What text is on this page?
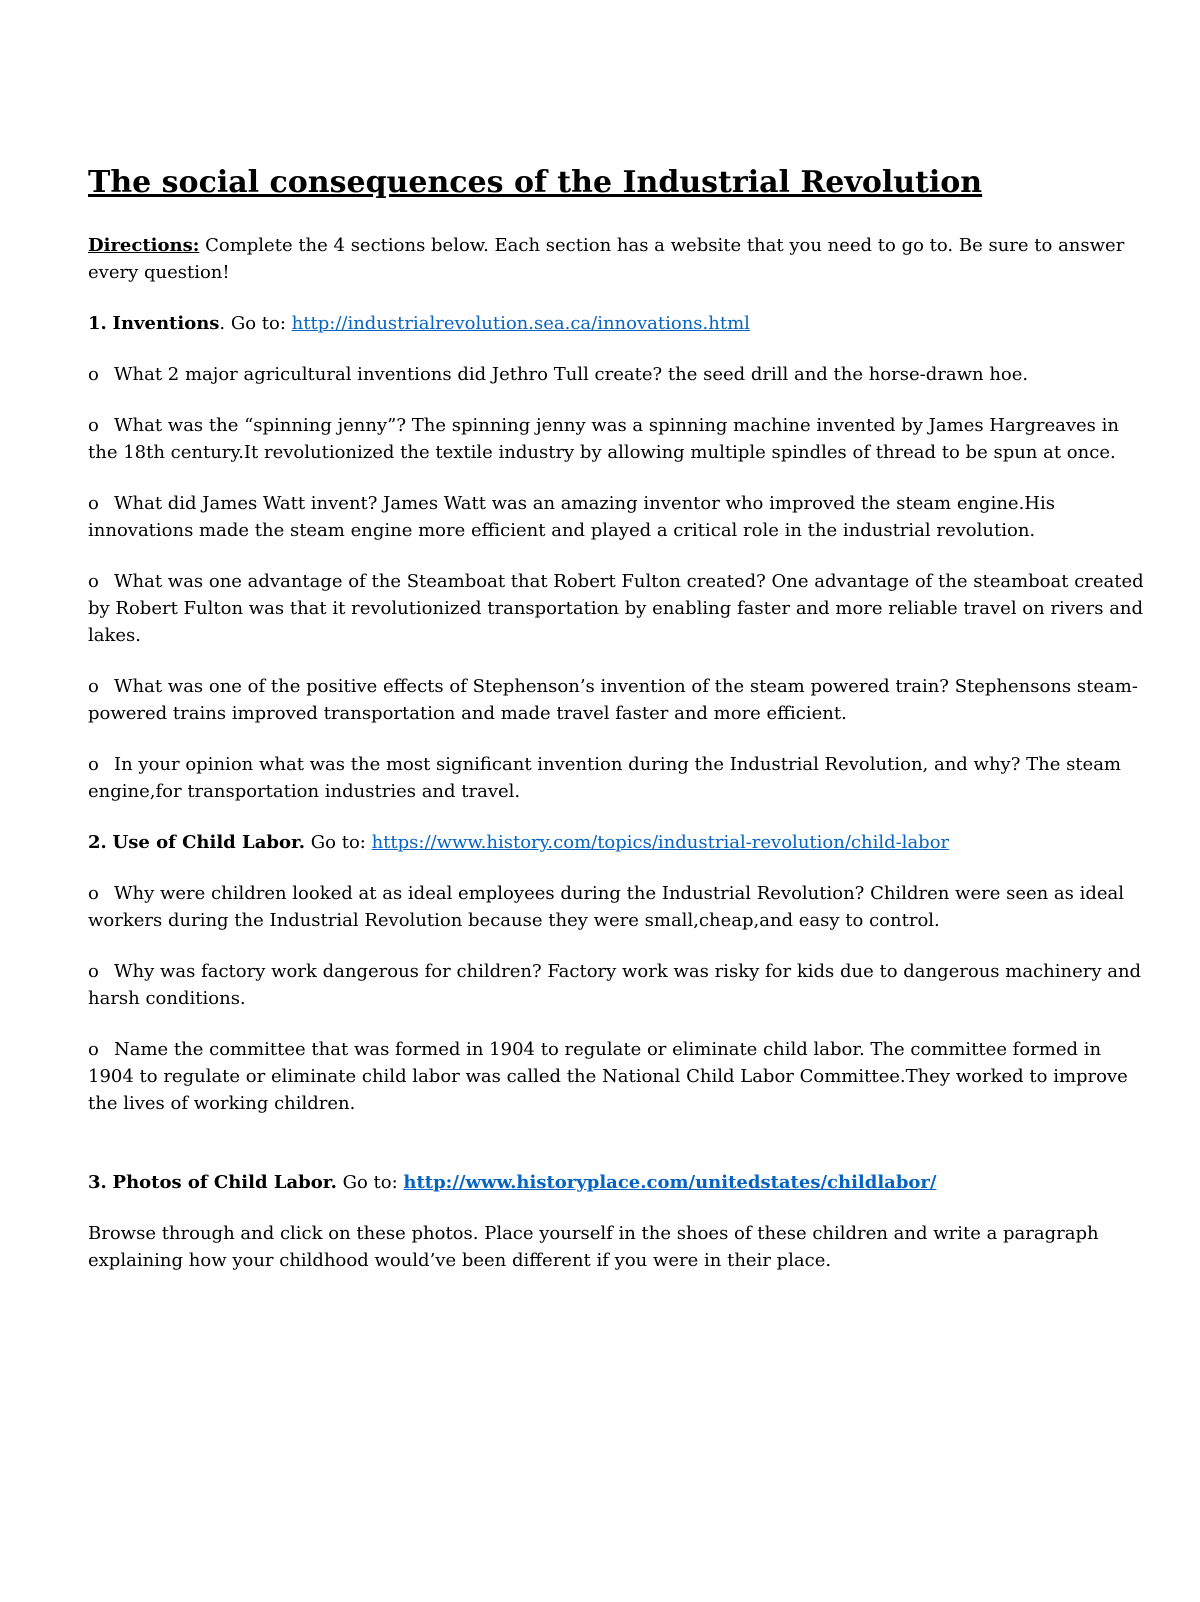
The social consequences of the Industrial Revolution

Directions: Complete the 4 sections below. Each section has a website that you need to go to. Be sure to answer every question!

1. Inventions. Go to: http://industrialrevolution.sea.ca/innovations.html

o What 2 major agricultural inventions did Jethro Tull create? the seed drill and the horse-drawn hoe.

o What was the “spinning jenny”? The spinning jenny was a spinning machine invented by James Hargreaves in the 18th century.It revolutionized the textile industry by allowing multiple spindles of thread to be spun at once.

o What did James Watt invent? James Watt was an amazing inventor who improved the steam engine.His innovations made the steam engine more efficient and played a critical role in the industrial revolution.

o What was one advantage of the Steamboat that Robert Fulton created? One advantage of the steamboat created by Robert Fulton was that it revolutionized transportation by enabling faster and more reliable travel on rivers and lakes.

o What was one of the positive effects of Stephenson’s invention of the steam powered train? Stephensons steam-powered trains improved transportation and made travel faster and more efficient.

o In your opinion what was the most significant invention during the Industrial Revolution, and why? The steam engine,for transportation industries and travel.

2. Use of Child Labor. Go to: https://www.history.com/topics/industrial-revolution/child-labor

o Why were children looked at as ideal employees during the Industrial Revolution? Children were seen as ideal workers during the Industrial Revolution because they were small,cheap,and easy to control.

o Why was factory work dangerous for children? Factory work was risky for kids due to dangerous machinery and harsh conditions.

o Name the committee that was formed in 1904 to regulate or eliminate child labor. The committee formed in 1904 to regulate or eliminate child labor was called the National Child Labor Committee.They worked to improve the lives of working children.

3. Photos of Child Labor. Go to: http://www.historyplace.com/unitedstates/childlabor/

Browse through and click on these photos. Place yourself in the shoes of these children and write a paragraph explaining how your childhood would’ve been different if you were in their place.
